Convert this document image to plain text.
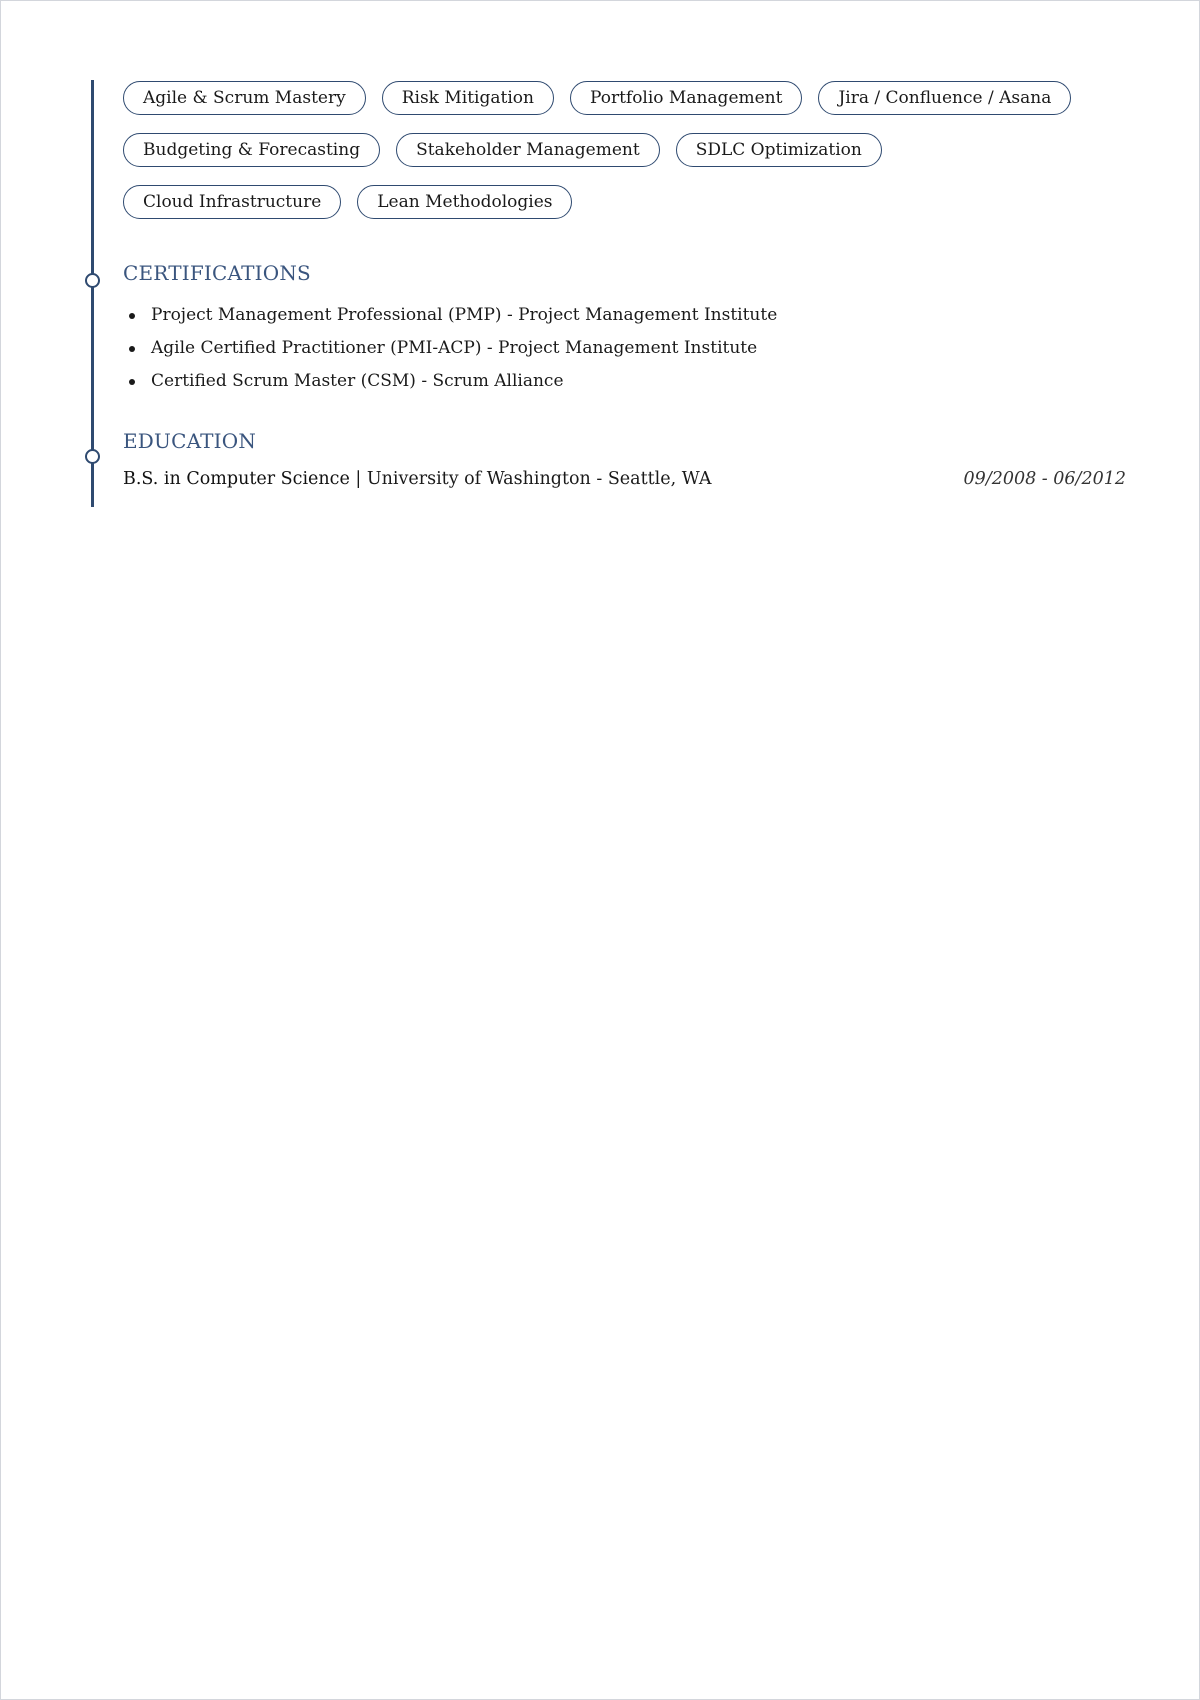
Agile & Scrum Mastery	Risk Mitigation	Portfolio Management	Jira / Confluence / Asana
Budgeting & Forecasting	Stakeholder Management	SDLC Optimization
Cloud Infrastructure	Lean Methodologies
CERTIFICATIONS
Project Management Professional (PMP) - Project Management Institute
Agile Certified Practitioner (PMI-ACP) - Project Management Institute
Certified Scrum Master (CSM) - Scrum Alliance
EDUCATION
B.S. in Computer Science | University of Washington - Seattle, WA	09/2008 - 06/2012
